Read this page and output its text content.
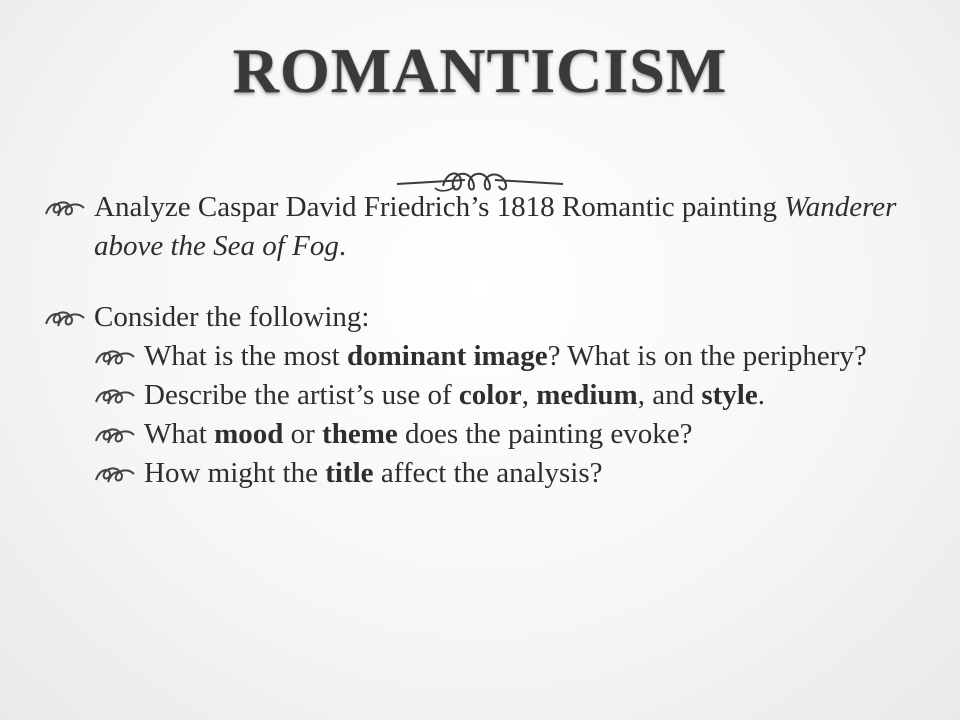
ROMANTICISM
Analyze Caspar David Friedrich’s 1818 Romantic painting Wanderer above the Sea of Fog.
Consider the following:
What is the most dominant image? What is on the periphery?
Describe the artist’s use of color, medium, and style.
What mood or theme does the painting evoke?
How might the title affect the analysis?
